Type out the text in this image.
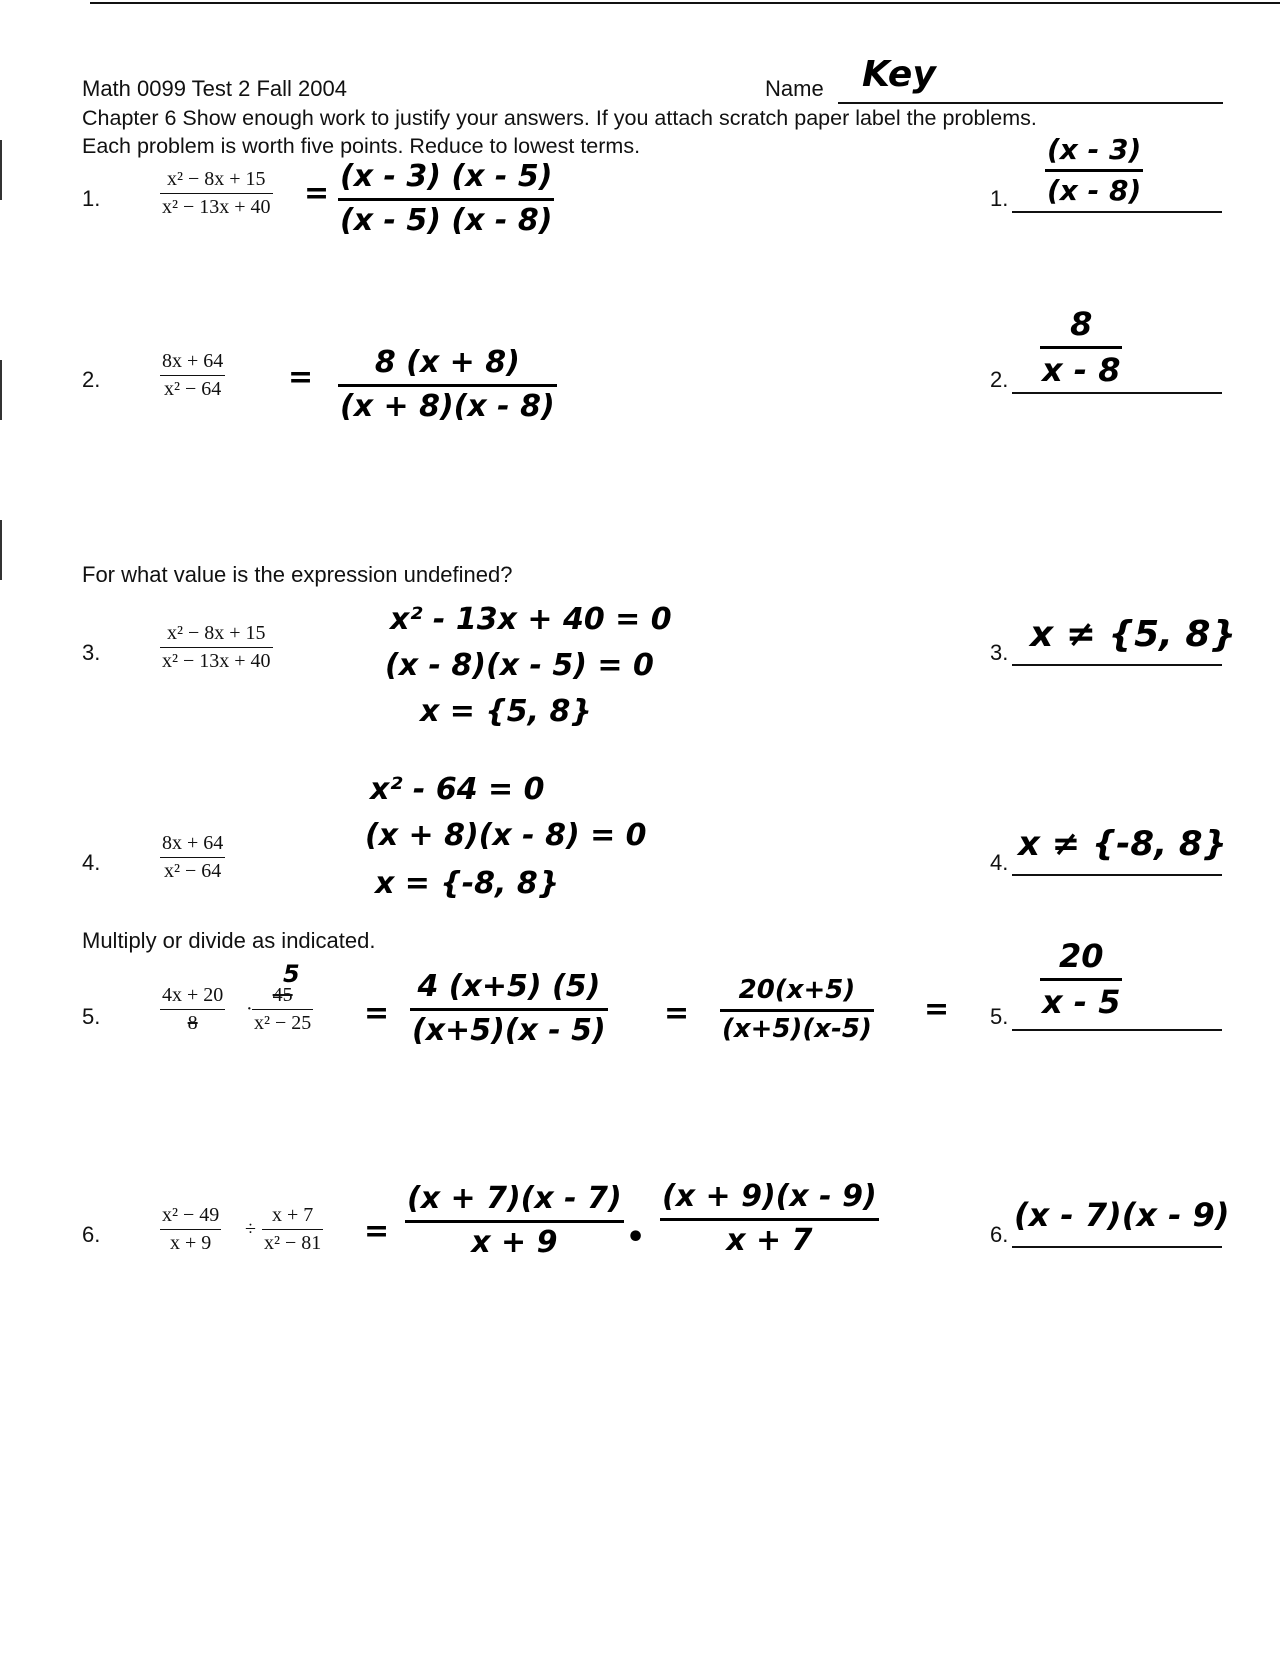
Math 0099 Test 2 Fall 2004	Name Key
Chapter 6 Show enough work to justify your answers. If you attach scratch paper label the problems.
Each problem is worth five points. Reduce to lowest terms.
1.
x² − 8x + 15
x² − 13x + 40 = (x - 3) (x - 5)
(x - 5) (x - 8)
1.
(x - 3)
(x - 8)
2.
8x + 64
x² − 64 = 8 (x + 8)
(x + 8)(x - 8)
2.
8
x - 8
For what value is the expression undefined?
3.
x² − 8x + 15
x² − 13x + 40
x² - 13x + 40 = 0
(x - 8)(x - 5) = 0
x = {5, 8}
3. x ≠ {5, 8}
4.
8x + 64
x² − 64
x² - 64 = 0
(x + 8)(x - 8) = 0
x = {-8, 8}
4. x ≠ {-8, 8}
Multiply or divide as indicated.
5.
4x + 20
8
·
5
45
x² − 25 =
4 (x+5) (5)
(x+5)(x - 5) =
20(x+5)
(x+5)(x-5)
= 5.
20
x - 5
6.
x² − 49
x + 9
÷
x + 7
x² − 81 =
(x + 7)(x - 7)
x + 9 •
(x + 9)(x - 9)
x + 7	6.
(x - 7)(x - 9)
